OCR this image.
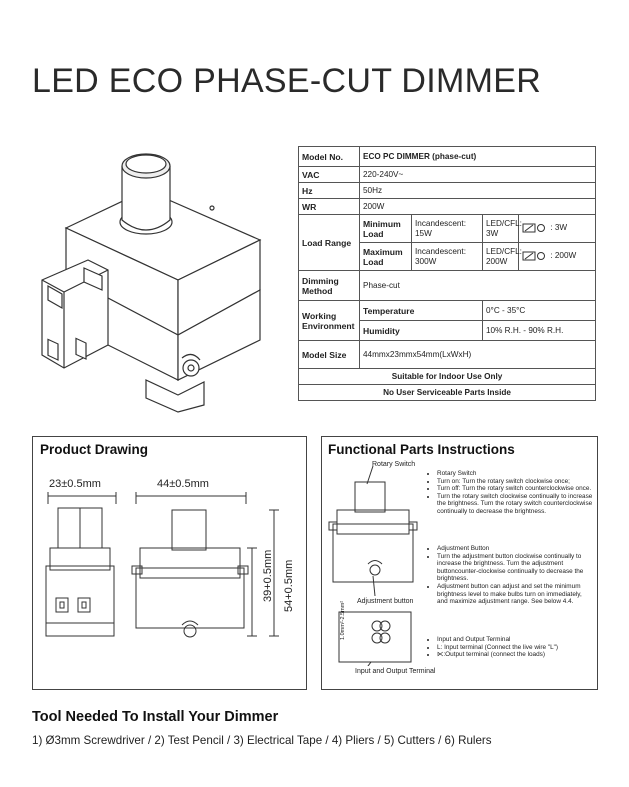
LED ECO PHASE-CUT DIMMER
Model No.	ECO PC DIMMER (phase-cut)			
VAC	220-240V~			
Hz	50Hz			
WR	200W			
Load Range	Minimum Load	Incandescent: 15W	LED/CFL: 3W	: 3W
	Maximum Load	Incandescent: 300W	LED/CFL: 200W	: 200W
Dimming Method	Phase-cut			
Working Environment	Temperature		0°C - 35°C	
	Humidity		10% R.H. - 90% R.H.	
Model Size	44mmx23mmx54mm(LxWxH)			
Suitable for Indoor Use Only				
No User Serviceable Parts Inside				
Product Drawing
23±0.5mm	44±0.5mm
39+0.5mm 54+0.5mm
Functional Parts Instructions
Rotary Switch
Adjustment button
Input and Output Terminal
1.0mm²-2.5mm²
• Rotary Switch
• Turn on: Turn the rotary switch clockwise once;
• Turn off: Turn the rotary switch counterclockwise once.
• Turn the rotary switch clockwise continually to increase the brightness. Turn the rotary switch counterclockwise continually to decrease the brightness.
• Adjustment Button
• Turn the adjustment button clockwise continually to increase the brightness. Turn the adjustment buttoncounter-clockwise continually to decrease the brightness.
• Adjustment button can adjust and set the minimum brightness level to make bulbs turn on immediately, and maximize adjustment range. See below 4.4.
• Input and Output Terminal
• L: Input terminal (Connect the live wire "L")
• ⋉:Output terminal (connect the loads)
Tool Needed To Install Your Dimmer
1) Ø3mm Screwdriver / 2) Test Pencil / 3) Electrical Tape / 4) Pliers / 5) Cutters / 6) Rulers
